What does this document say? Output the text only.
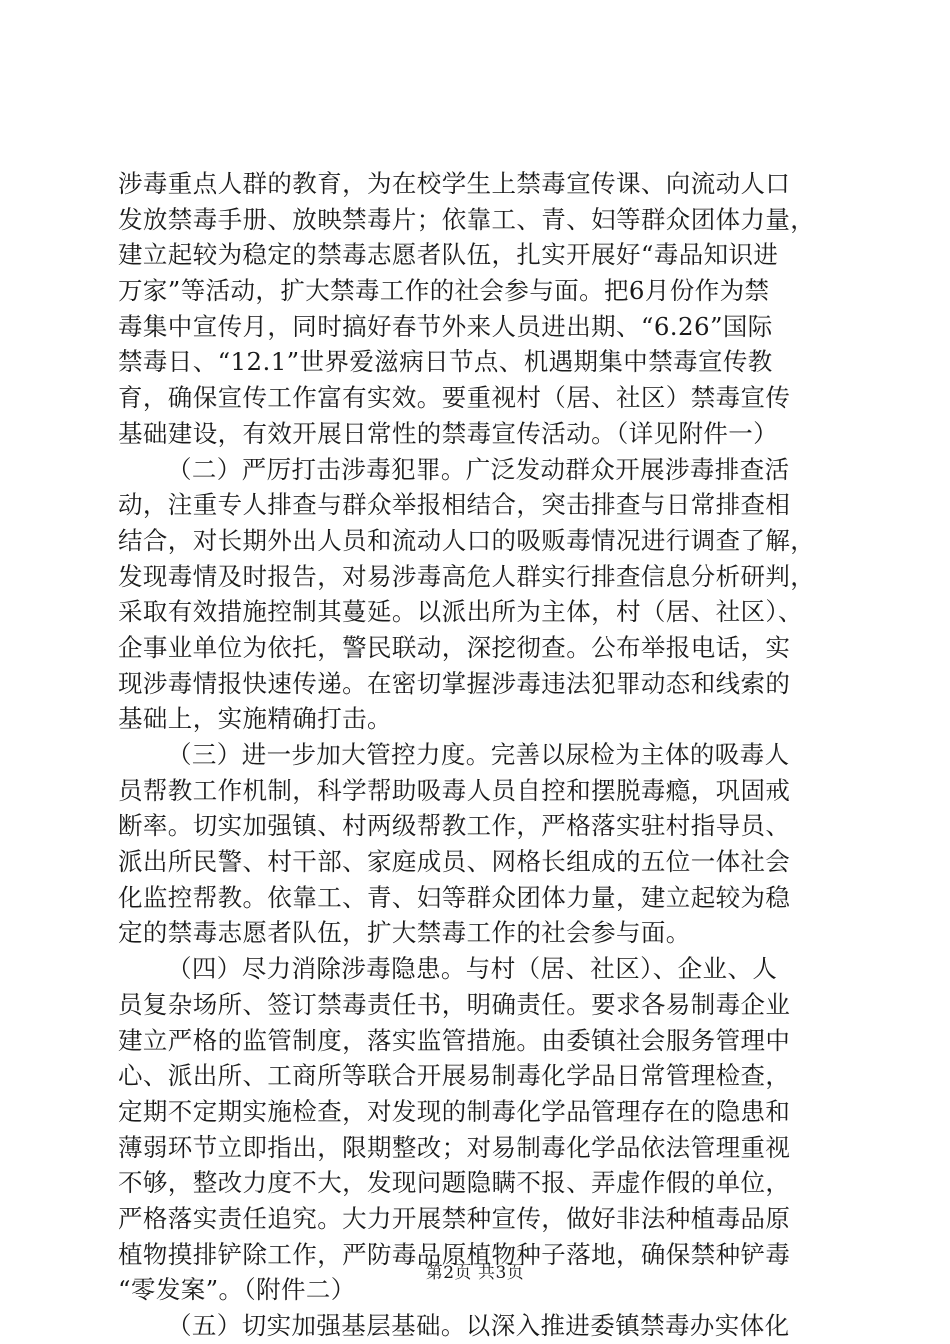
涉毒重点人群的教育，为在校学生上禁毒宣传课、向流动人口
发放禁毒手册、放映禁毒片；依靠工、青、妇等群众团体力量，
建立起较为稳定的禁毒志愿者队伍，扎实开展好“毒品知识进
万家”等活动，扩大禁毒工作的社会参与面。把6月份作为禁
毒集中宣传月，同时搞好春节外来人员进出期、“6.26”国际
禁毒日、“12.1”世界爱滋病日节点、机遇期集中禁毒宣传教
育，确保宣传工作富有实效。要重视村（居、社区）禁毒宣传
基础建设，有效开展日常性的禁毒宣传活动。（详见附件一）
（二）严厉打击涉毒犯罪。广泛发动群众开展涉毒排查活
动，注重专人排查与群众举报相结合，突击排查与日常排查相
结合，对长期外出人员和流动人口的吸贩毒情况进行调查了解，
发现毒情及时报告，对易涉毒高危人群实行排查信息分析研判，
采取有效措施控制其蔓延。以派出所为主体，村（居、社区）、
企事业单位为依托，警民联动，深挖彻查。公布举报电话，实
现涉毒情报快速传递。在密切掌握涉毒违法犯罪动态和线索的
基础上，实施精确打击。
（三）进一步加大管控力度。完善以尿检为主体的吸毒人
员帮教工作机制，科学帮助吸毒人员自控和摆脱毒瘾，巩固戒
断率。切实加强镇、村两级帮教工作，严格落实驻村指导员、
派出所民警、村干部、家庭成员、网格长组成的五位一体社会
化监控帮教。依靠工、青、妇等群众团体力量，建立起较为稳
定的禁毒志愿者队伍，扩大禁毒工作的社会参与面。
（四）尽力消除涉毒隐患。与村（居、社区）、企业、人
员复杂场所、签订禁毒责任书，明确责任。要求各易制毒企业
建立严格的监管制度，落实监管措施。由委镇社会服务管理中
心、派出所、工商所等联合开展易制毒化学品日常管理检查，
定期不定期实施检查，对发现的制毒化学品管理存在的隐患和
薄弱环节立即指出，限期整改；对易制毒化学品依法管理重视
不够，整改力度不大，发现问题隐瞒不报、弄虚作假的单位，
严格落实责任追究。大力开展禁种宣传，做好非法种植毒品原
植物摸排铲除工作，严防毒品原植物种子落地，确保禁种铲毒
“零发案”。（附件二）
（五）切实加强基层基础。以深入推进委镇禁毒办实体化
第2页 共3页
